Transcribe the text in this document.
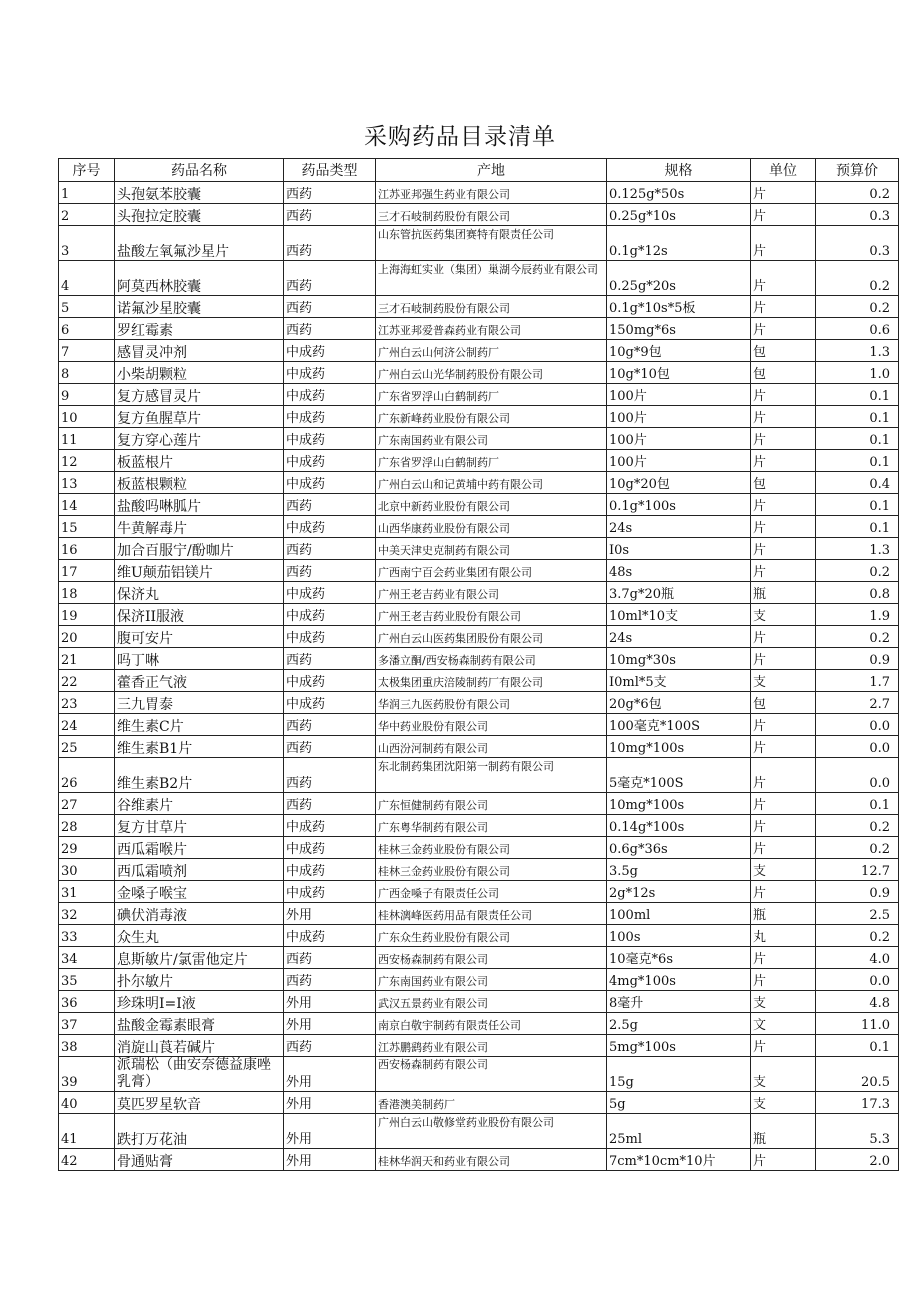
采购药品目录清单
序号	药品名称	药品类型	产地	规格	单位	预算价
1	头孢氨苯胶囊	西药	江苏亚邦强生药业有限公司	0.125g*50s	片	0.2
2	头孢拉定胶囊	西药	三才石岐制药股份有限公司	0.25g*10s	片	0.3
3	盐酸左氧氟沙星片	西药	山东管抗医药集团赛特有限责任公司	0.1g*12s	片	0.3
4	阿莫西林胶囊	西药	上海海虹实业（集团）巢湖今辰药业有限公司	0.25g*20s	片	0.2
5	诺氟沙星胶囊	西药	三才石岐制药股份有限公司	0.1g*10s*5板	片	0.2
6	罗红霉素	西药	江苏亚邦爱普森药业有限公司	150mg*6s	片	0.6
7	感冒灵冲剂	中成药	广州白云山何济公制药厂	10g*9包	包	1.3
8	小柴胡颗粒	中成药	广州白云山光华制药股份有限公司	10g*10包	包	1.0
9	复方感冒灵片	中成药	广东省罗浮山白鹤制药厂	100片	片	0.1
10	复方鱼腥草片	中成药	广东新峰药业股份有限公司	100片	片	0.1
11	复方穿心莲片	中成药	广东南国药业有限公司	100片	片	0.1
12	板蓝根片	中成药	广东省罗浮山白鹤制药厂	100片	片	0.1
13	板蓝根颗粒	中成药	广州白云山和记黄埔中药有限公司	10g*20包	包	0.4
14	盐酸吗啉胍片	西药	北京中新药业股份有限公司	0.1g*100s	片	0.1
15	牛黄解毒片	中成药	山西华康药业股份有限公司	24s	片	0.1
16	加合百服宁/酚咖片	西药	中美天津史克制药有限公司	I0s	片	1.3
17	维U颠茄铝镁片	西药	广西南宁百会药业集团有限公司	48s	片	0.2
18	保济丸	中成药	广州王老吉药业有限公司	3.7g*20瓶	瓶	0.8
19	保济II服液	中成药	广州王老吉药业股份有限公司	10ml*10支	支	1.9
20	腹可安片	中成药	广州白云山医药集团股份有限公司	24s	片	0.2
21	吗丁啉	西药	多潘立酮/西安杨森制药有限公司	10mg*30s	片	0.9
22	藿香正气液	中成药	太极集团重庆涪陵制药厂有限公司	I0ml*5支	支	1.7
23	三九胃泰	中成药	华润三九医药股份有限公司	20g*6包	包	2.7
24	维生素C片	西药	华中药业股份有限公司	100毫克*100S	片	0.0
25	维生素B1片	西药	山西汾河制药有限公司	10mg*100s	片	0.0
26	维生素B2片	西药	东北制药集团沈阳第一制药有限公司	5毫克*100S	片	0.0
27	谷维素片	西药	广东恒健制药有限公司	10mg*100s	片	0.1
28	复方甘草片	中成药	广东粤华制药有限公司	0.14g*100s	片	0.2
29	西瓜霜喉片	中成药	桂林三金药业股份有限公司	0.6g*36s	片	0.2
30	西瓜霜喷剂	中成药	桂林三金药业股份有限公司	3.5g	支	12.7
31	金嗓子喉宝	中成药	广西金嗓子有限责任公司	2g*12s	片	0.9
32	碘伏消毒液	外用	桂林漓峰医药用品有限责任公司	100ml	瓶	2.5
33	众生丸	中成药	广东众生药业股份有限公司	100s	丸	0.2
34	息斯敏片/氯雷他定片	西药	西安杨森制药有限公司	10毫克*6s	片	4.0
35	扑尔敏片	西药	广东南国药业有限公司	4mg*100s	片	0.0
36	珍珠明I=I液	外用	武汉五景药业有限公司	8毫升	支	4.8
37	盐酸金霉素眼膏	外用	南京白敬宇制药有限责任公司	2.5g	文	11.0
38	消旋山莨若碱片	西药	江苏鹏鹞药业有限公司	5mg*100s	片	0.1
39	派瑞松（曲安奈德益康唑乳膏）	外用	西安杨森制药有限公司	15g	支	20.5
40	莫匹罗星软音	外用	香港澳美制药厂	5g	支	17.3
41	跌打万花油	外用	广州白云山敬修堂药业股份有限公司	25ml	瓶	5.3
42	骨通贴膏	外用	桂林华润天和药业有限公司	7cm*10cm*10片	片	2.0
